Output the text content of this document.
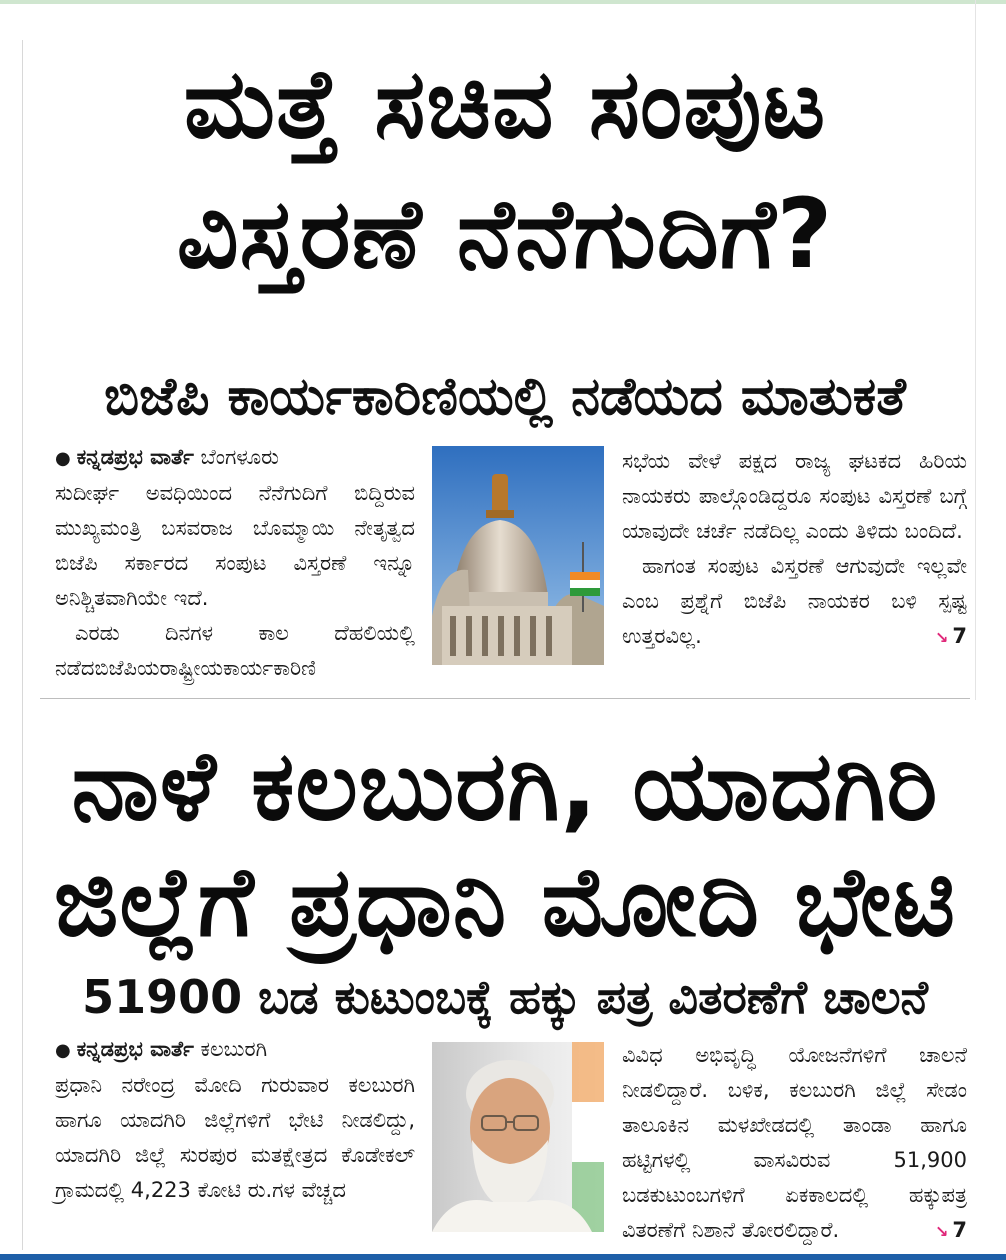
ಮತ್ತೆ ಸಚಿವ ಸಂಪುಟ
ವಿಸ್ತರಣೆ ನೆನೆಗುದಿಗೆ?
ಬಿಜೆಪಿ ಕಾರ್ಯಕಾರಿಣಿಯಲ್ಲಿ ನಡೆಯದ ಮಾತುಕತೆ

● ಕನ್ನಡಪ್ರಭ ವಾರ್ತೆ ಬೆಂಗಳೂರು

ಸುದೀರ್ಘ ಅವಧಿಯಿಂದ ನೆನೆಗುದಿಗೆ ಬಿದ್ದಿರುವ ಮುಖ್ಯಮಂತ್ರಿ ಬಸವರಾಜ ಬೊಮ್ಮಾಯಿ ನೇತೃತ್ವದ ಬಿಜೆಪಿ ಸರ್ಕಾರದ ಸಂಪುಟ ವಿಸ್ತರಣೆ ಇನ್ನೂ ಅನಿಶ್ಚಿತವಾಗಿಯೇ ಇದೆ.

ಎರಡು ದಿನಗಳ ಕಾಲ ದೆಹಲಿಯಲ್ಲಿ ನಡೆದಬಿಜೆಪಿಯರಾಷ್ಟ್ರೀಯಕಾರ್ಯಕಾರಿಣಿ

ಸಭೆಯ ವೇಳೆ ಪಕ್ಷದ ರಾಜ್ಯ ಘಟಕದ ಹಿರಿಯ ನಾಯಕರು ಪಾಲ್ಗೊಂಡಿದ್ದರೂ ಸಂಪುಟ ವಿಸ್ತರಣೆ ಬಗ್ಗೆ ಯಾವುದೇ ಚರ್ಚೆ ನಡೆದಿಲ್ಲ ಎಂದು ತಿಳಿದು ಬಂದಿದೆ.

ಹಾಗಂತ ಸಂಪುಟ ವಿಸ್ತರಣೆ ಆಗುವುದೇ ಇಲ್ಲವೇ ಎಂಬ ಪ್ರಶ್ನೆಗೆ ಬಿಜೆಪಿ ನಾಯಕರ ಬಳಿ ಸ್ಪಷ್ಟ ಉತ್ತರವಿಲ್ಲ.	↘ 7

ನಾಳೆ ಕಲಬುರಗಿ, ಯಾದಗಿರಿ
ಜಿಲ್ಲೆಗೆ ಪ್ರಧಾನಿ ಮೋದಿ ಭೇಟಿ
51900 ಬಡ ಕುಟುಂಬಕ್ಕೆ ಹಕ್ಕು ಪತ್ರ ವಿತರಣೆಗೆ ಚಾಲನೆ

● ಕನ್ನಡಪ್ರಭ ವಾರ್ತೆ ಕಲಬುರಗಿ

ಪ್ರಧಾನಿ ನರೇಂದ್ರ ಮೋದಿ ಗುರುವಾರ ಕಲಬುರಗಿ ಹಾಗೂ ಯಾದಗಿರಿ ಜಿಲ್ಲೆಗಳಿಗೆ ಭೇಟಿ ನೀಡಲಿದ್ದು, ಯಾದಗಿರಿ ಜಿಲ್ಲೆ ಸುರಪುರ ಮತಕ್ಷೇತ್ರದ ಕೊಡೇಕಲ್ ಗ್ರಾಮದಲ್ಲಿ 4,223 ಕೋಟಿ ರು.ಗಳ ವೆಚ್ಚದ

ವಿವಿಧ ಅಭಿವೃದ್ಧಿ ಯೋಜನೆಗಳಿಗೆ ಚಾಲನೆ ನೀಡಲಿದ್ದಾರೆ. ಬಳಿಕ, ಕಲಬುರಗಿ ಜಿಲ್ಲೆ ಸೇಡಂ ತಾಲೂಕಿನ ಮಳಖೇಡದಲ್ಲಿ ತಾಂಡಾ ಹಾಗೂ ಹಟ್ಟಿಗಳಲ್ಲಿ ವಾಸವಿರುವ 51,900 ಬಡಕುಟುಂಬಗಳಿಗೆ ಏಕಕಾಲದಲ್ಲಿ ಹಕ್ಕುಪತ್ರ ವಿತರಣೆಗೆ ನಿಶಾನೆ ತೋರಲಿದ್ದಾರೆ.	↘ 7
